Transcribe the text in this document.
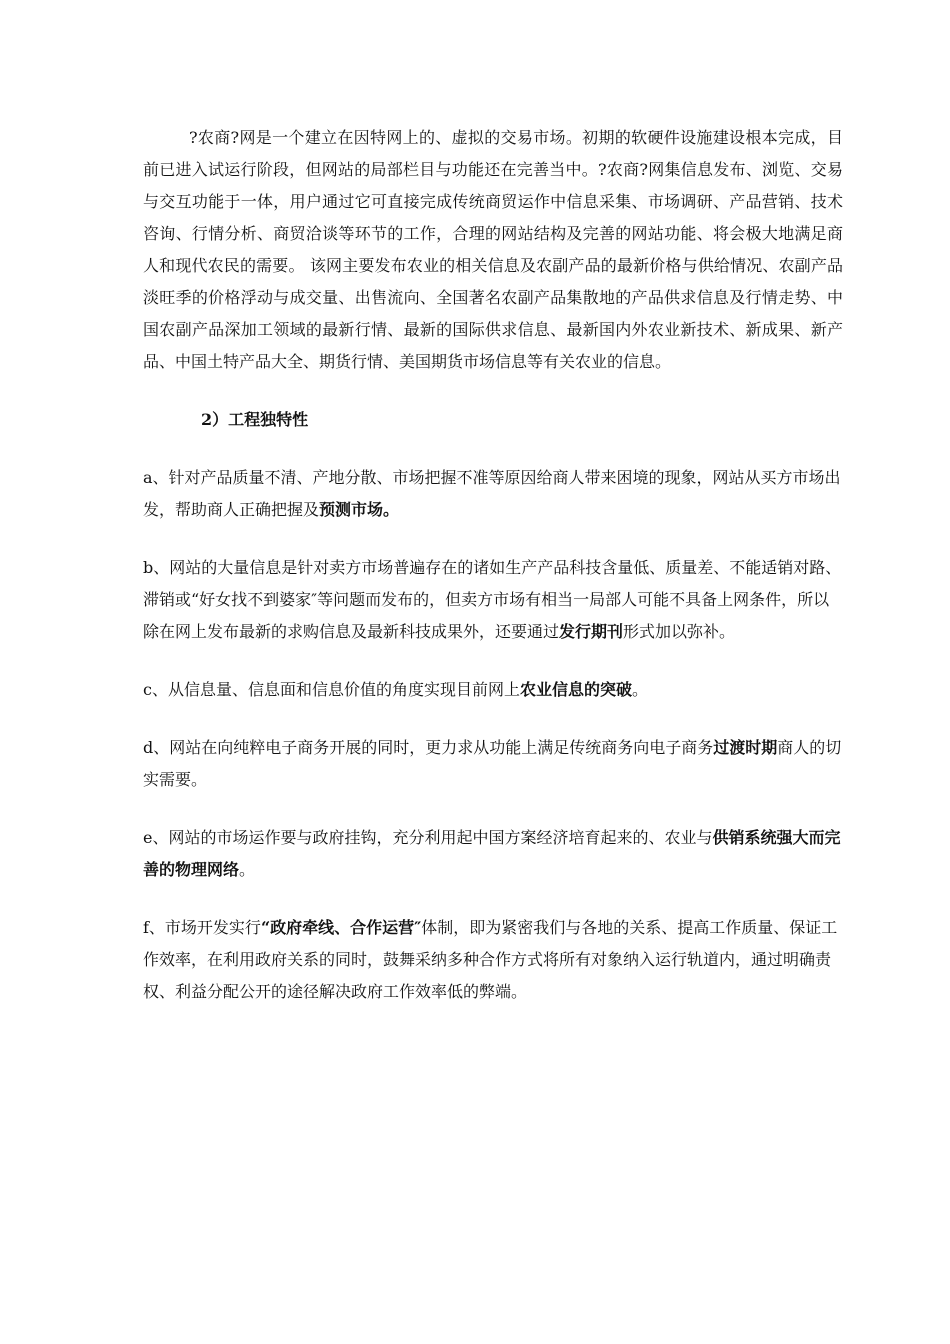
?农商?网是一个建立在因特网上的、虚拟的交易市场。初期的软硬件设施建设根本完成，目前已进入试运行阶段，但网站的局部栏目与功能还在完善当中。?农商?网集信息发布、浏览、交易与交互功能于一体，用户通过它可直接完成传统商贸运作中信息采集、市场调研、产品营销、技术咨询、行情分析、商贸洽谈等环节的工作，合理的网站结构及完善的网站功能、将会极大地满足商人和现代农民的需要。 该网主要发布农业的相关信息及农副产品的最新价格与供给情况、农副产品淡旺季的价格浮动与成交量、出售流向、全国著名农副产品集散地的产品供求信息及行情走势、中国农副产品深加工领域的最新行情、最新的国际供求信息、最新国内外农业新技术、新成果、新产品、中国土特产品大全、期货行情、美国期货市场信息等有关农业的信息。

2）工程独特性

a、针对产品质量不清、产地分散、市场把握不准等原因给商人带来困境的现象，网站从买方市场出发，帮助商人正确把握及预测市场。

b、网站的大量信息是针对卖方市场普遍存在的诸如生产产品科技含量低、质量差、不能适销对路、滞销或“好女找不到婆家″等问题而发布的，但卖方市场有相当一局部人可能不具备上网条件，所以除在网上发布最新的求购信息及最新科技成果外，还要通过发行期刊形式加以弥补。

c、从信息量、信息面和信息价值的角度实现目前网上农业信息的突破。

d、网站在向纯粹电子商务开展的同时，更力求从功能上满足传统商务向电子商务过渡时期商人的切实需要。

e、网站的市场运作要与政府挂钩，充分利用起中国方案经济培育起来的、农业与供销系统强大而完善的物理网络。

f、市场开发实行“政府牵线、合作运营″体制，即为紧密我们与各地的关系、提高工作质量、保证工作效率，在利用政府关系的同时，鼓舞采纳多种合作方式将所有对象纳入运行轨道内，通过明确责权、利益分配公开的途径解决政府工作效率低的弊端。
